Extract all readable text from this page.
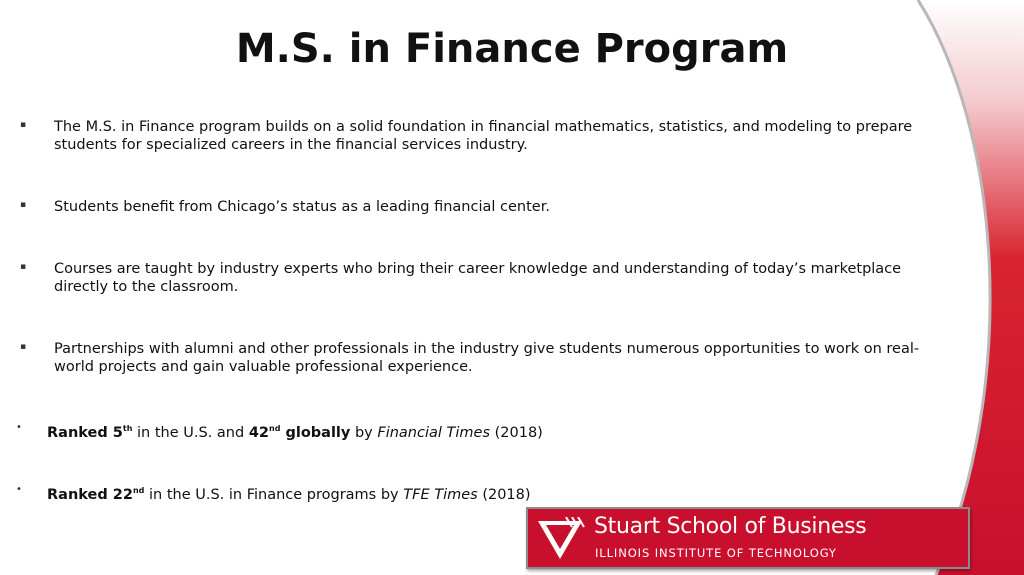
M.S. in Finance Program
▪ The M.S. in Finance program builds on a solid foundation in financial mathematics, statistics, and modeling to prepare students for specialized careers in the financial services industry.
▪ Students benefit from Chicago’s status as a leading financial center.
▪ Courses are taught by industry experts who bring their career knowledge and understanding of today’s marketplace directly to the classroom.
▪ Partnerships with alumni and other professionals in the industry give students numerous opportunities to work on real-world projects and gain valuable professional experience.
• Ranked 5th in the U.S. and 42nd globally by Financial Times (2018)
• Ranked 22nd in the U.S. in Finance programs by TFE Times (2018)
Stuart School of Business
ILLINOIS INSTITUTE OF TECHNOLOGY
